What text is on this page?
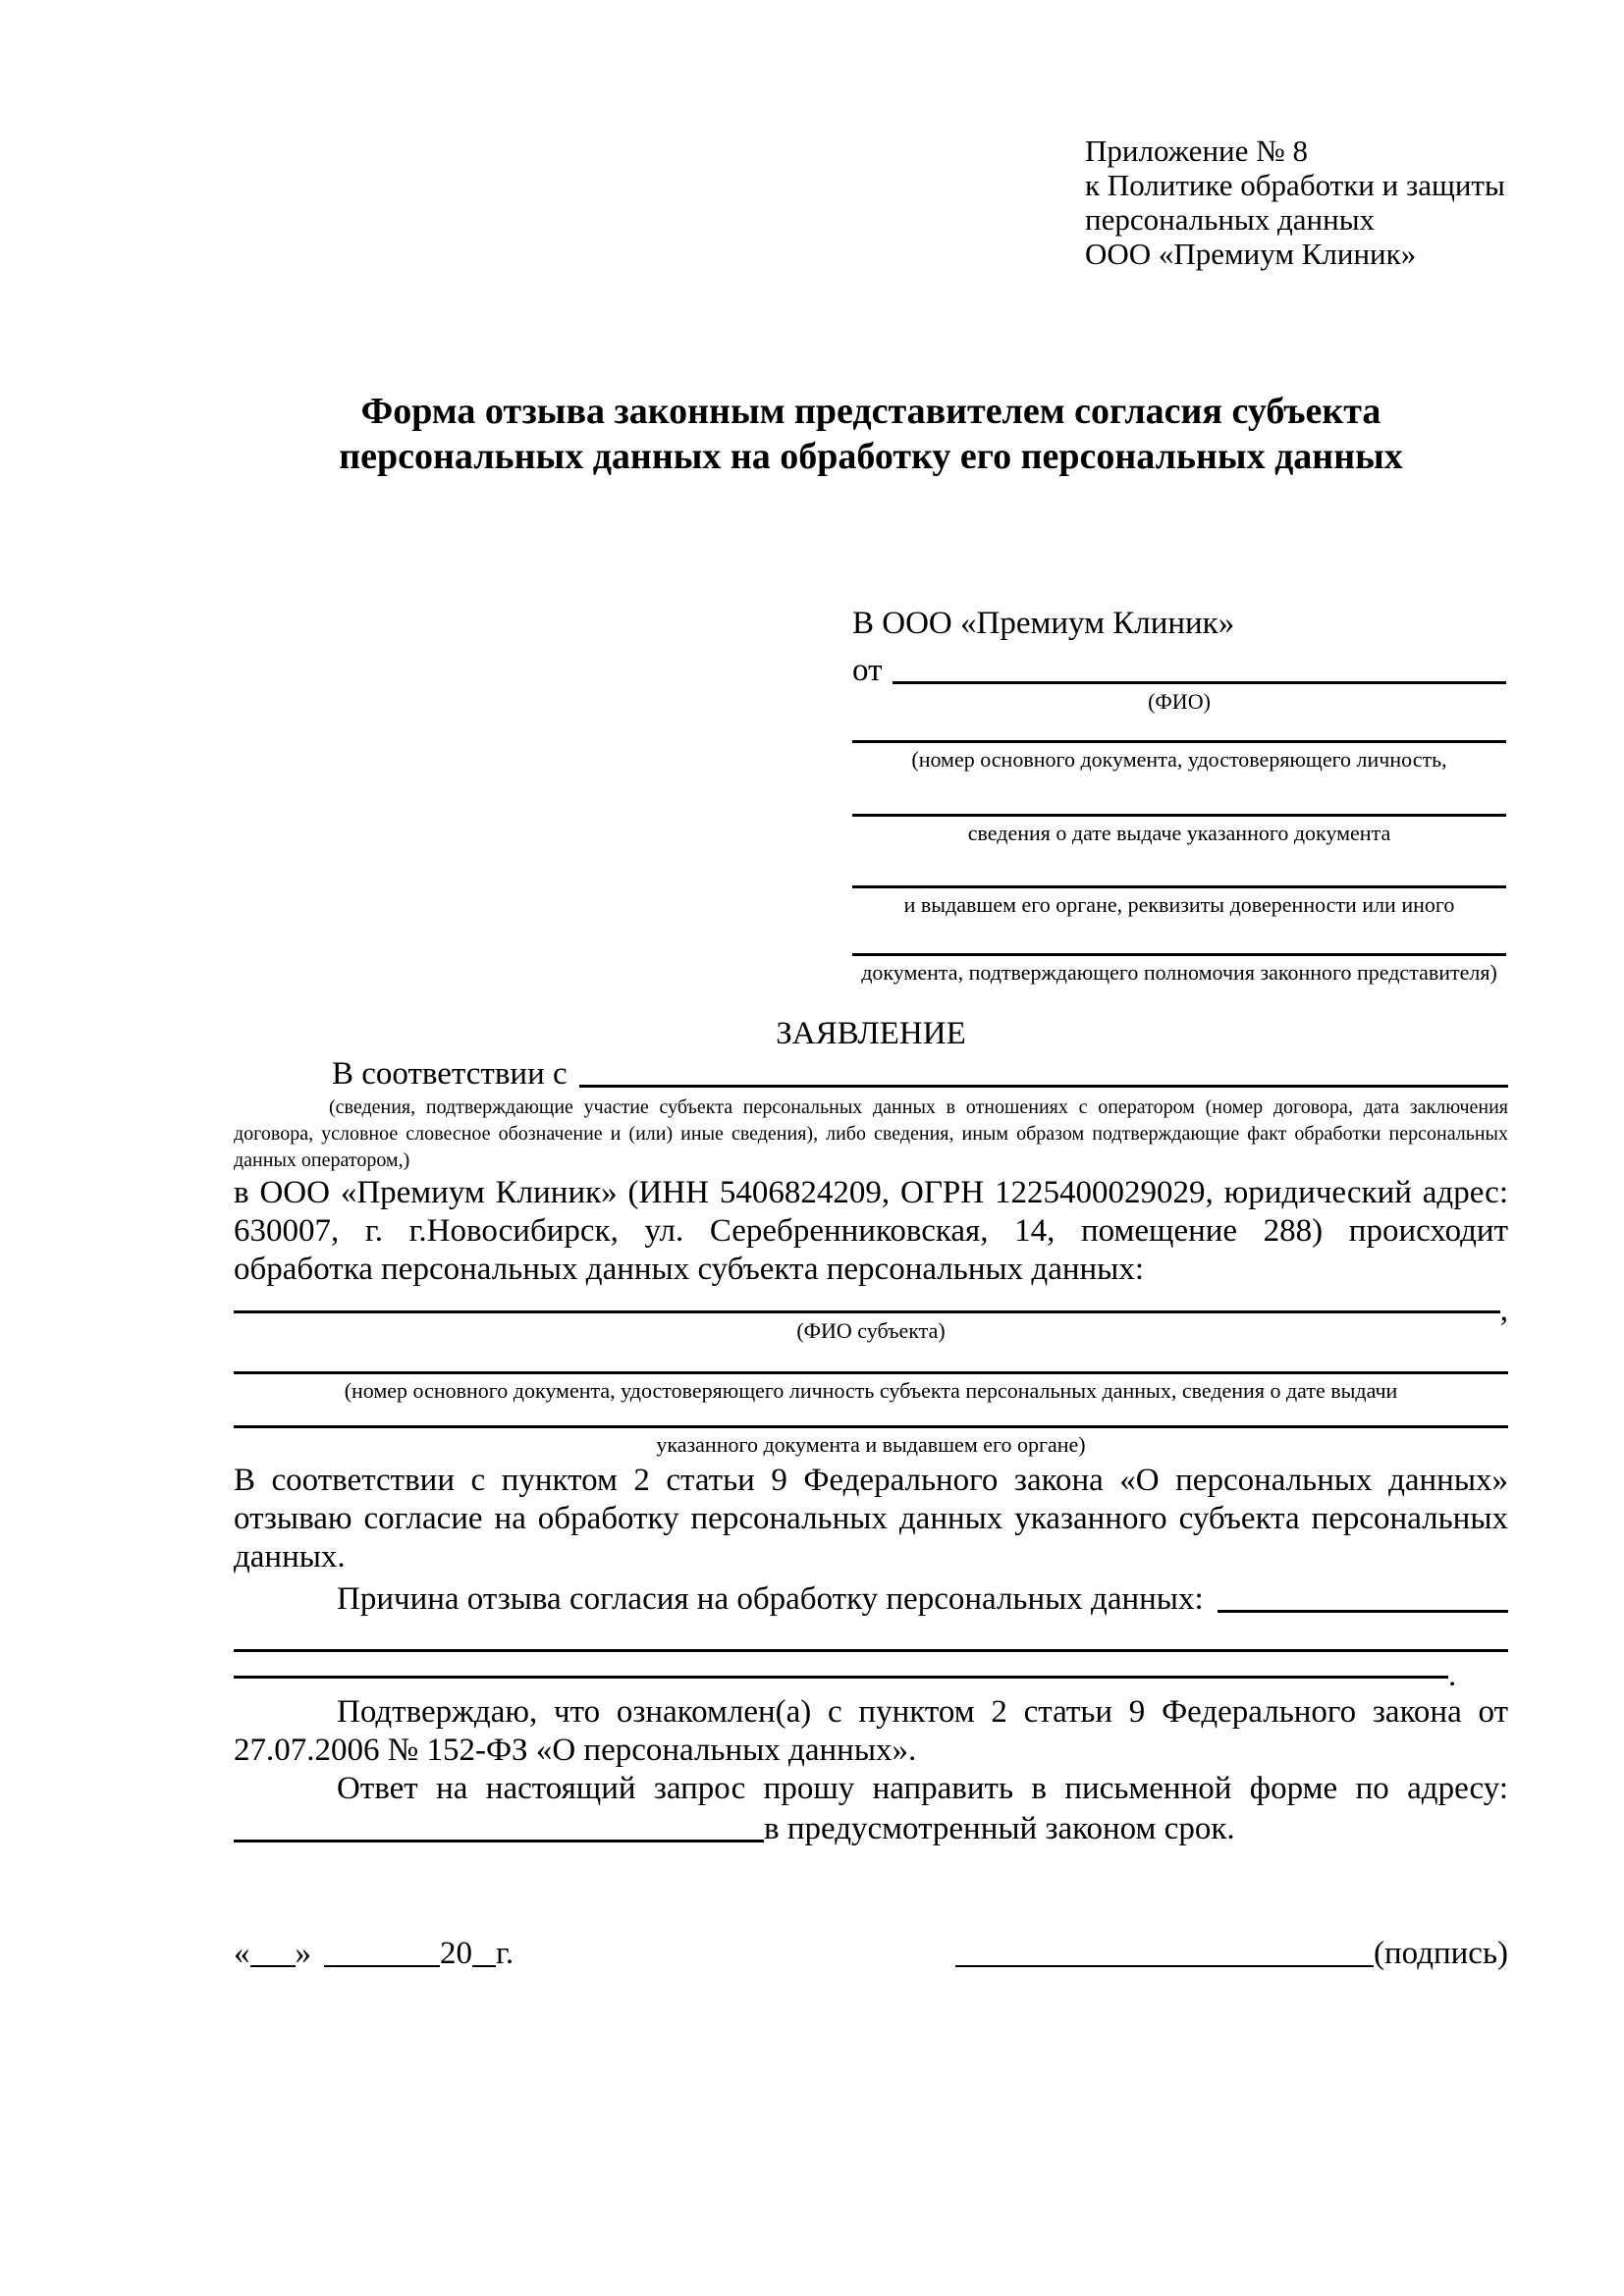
Приложение № 8
к Политике обработки и защиты
персональных данных
ООО «Премиум Клиник»
Форма отзыва законным представителем согласия субъекта
персональных данных на обработку его персональных данных
В ООО «Премиум Клиник»
от
(ФИО)
(номер основного документа, удостоверяющего личность,
сведения о дате выдаче указанного документа
и выдавшем его органе, реквизиты доверенности или иного
документа, подтверждающего полномочия законного представителя)
ЗАЯВЛЕНИЕ
В соответствии с
(сведения, подтверждающие участие субъекта персональных данных в отношениях с оператором (номер договора, дата заключения договора, условное словесное обозначение и (или) иные сведения), либо сведения, иным образом подтверждающие факт обработки персональных данных оператором,)

в ООО «Премиум Клиник» (ИНН 5406824209, ОГРН 1225400029029, юридический адрес: 630007, г. г.Новосибирск, ул. Серебренниковская, 14, помещение 288) происходит обработка персональных данных субъекта персональных данных:

,
(ФИО субъекта)
(номер основного документа, удостоверяющего личность субъекта персональных данных, сведения о дате выдачи
указанного документа и выдавшем его органе)

В соответствии с пунктом 2 статьи 9 Федерального закона «О персональных данных» отзываю согласие на обработку персональных данных указанного субъекта персональных данных.

Причина отзыва согласия на обработку персональных данных:
.

Подтверждаю, что ознакомлен(а) с пунктом 2 статьи 9 Федерального закона от 27.07.2006 № 152-ФЗ «О персональных данных».

Ответ на настоящий запрос прошу направить в письменной форме по адресу:

в предусмотренный законом срок.
« »	20 г.	(подпись)
